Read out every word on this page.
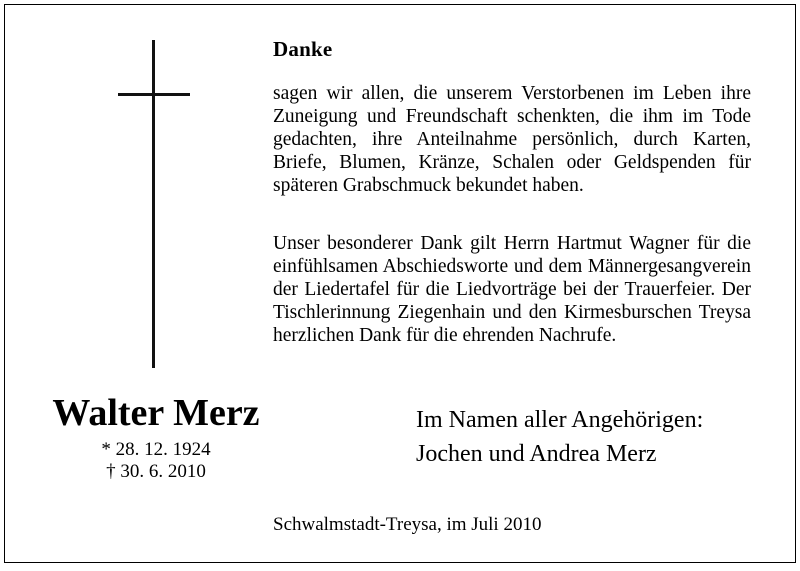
Danke

sagen wir allen, die unserem Verstorbenen im Leben ihre Zuneigung und Freundschaft schenkten, die ihm im Tode gedachten, ihre Anteilnahme persönlich, durch Karten, Briefe, Blumen, Kränze, Schalen oder Geldspenden für späteren Grabschmuck bekundet haben.

Unser besonderer Dank gilt Herrn Hartmut Wagner für die einfühlsamen Abschiedsworte und dem Männergesangverein der Liedertafel für die Liedvorträge bei der Trauerfeier. Der Tischlerinnung Ziegenhain und den Kirmesburschen Treysa herzlichen Dank für die ehrenden Nachrufe.

Walter Merz
* 28. 12. 1924
† 30. 6. 2010
Im Namen aller Angehörigen:
Jochen und Andrea Merz
Schwalmstadt-Treysa, im Juli 2010
